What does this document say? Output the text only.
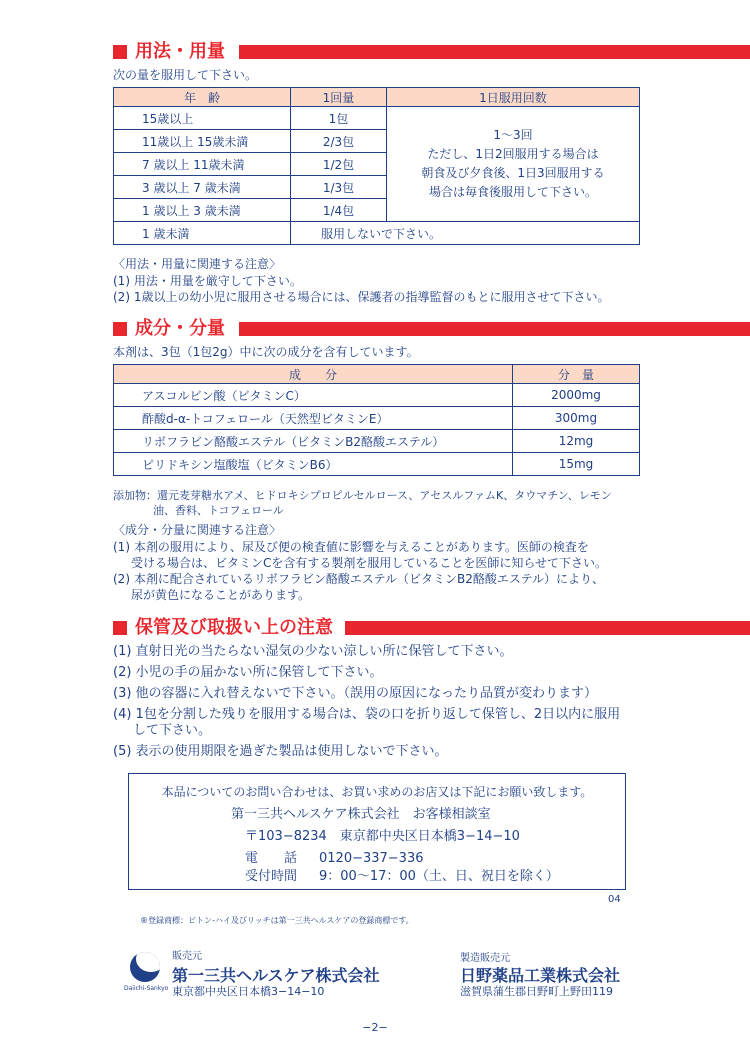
用法・用量
次の量を服用して下さい。
年　齢	1回量	1日服用回数
15歳以上	1包	1～3回
ただし、1日2回服用する場合は
朝食及び夕食後、1日3回服用する
場合は毎食後服用して下さい。

11歳以上 15歳未満	2/3包	
7 歳以上 11歳未満	1/2包	
3 歳以上 7 歳未満	1/3包	
1 歳以上 3 歳未満	1/4包	
1 歳未満	服用しないで下さい。	
〈用法・用量に関連する注意〉
(1) 用法・用量を厳守して下さい。
(2) 1歳以上の幼小児に服用させる場合には、保護者の指導監督のもとに服用させて下さい。
成分・分量
本剤は、3包（1包2g）中に次の成分を含有しています。
成　　分	分　量
アスコルビン酸（ビタミンC）	2000mg
酢酸d-α-トコフェロール（天然型ビタミンE）	300mg
リボフラビン酪酸エステル（ビタミンB2酪酸エステル）	12mg
ピリドキシン塩酸塩（ビタミンB6）	15mg
添加物：還元麦芽糖水アメ、ヒドロキシプロピルセルロース、アセスルファムK、タウマチン、レモン
油、香料、トコフェロール
〈成分・分量に関連する注意〉
(1) 本剤の服用により、尿及び便の検査値に影響を与えることがあります。医師の検査を
受ける場合は、ビタミンCを含有する製剤を服用していることを医師に知らせて下さい。
(2) 本剤に配合されているリボフラビン酪酸エステル（ビタミンB2酪酸エステル）により、
尿が黄色になることがあります。
保管及び取扱い上の注意
(1) 直射日光の当たらない湿気の少ない涼しい所に保管して下さい。
(2) 小児の手の届かない所に保管して下さい。
(3) 他の容器に入れ替えないで下さい。（誤用の原因になったり品質が変わります）
(4) 1包を分割した残りを服用する場合は、袋の口を折り返して保管し、2日以内に服用
して下さい。
(5) 表示の使用期限を過ぎた製品は使用しないで下さい。
本品についてのお問い合わせは、お買い求めのお店又は下記にお願い致します。
第一三共ヘルスケア株式会社　お客様相談室
〒103−8234　東京都中央区日本橋3−14−10
電　　話 0120−337−336
受付時間 9：00〜17：00（土、日、祝日を除く）
04
®登録商標：ビトン-ハイ及びリッチは第一三共ヘルスケアの登録商標です。
Daiichi-Sankyo
販売元
第一三共ヘルスケア株式会社
東京都中央区日本橋3−14−10
製造販売元
日野薬品工業株式会社
滋賀県蒲生郡日野町上野田119
−2−
